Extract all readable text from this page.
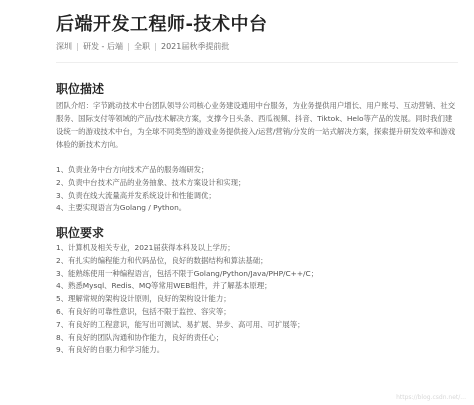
后端开发工程师-技术中台
深圳 研发 - 后端 全职 2021届秋季提前批
职位描述
团队介绍：字节跳动技术中台团队领导公司核心业务建设通用中台服务，为业务提供用户增长、用户账号、互动营销、社交服务、国际支付等领域的产品/技术解决方案，支撑今日头条、西瓜视频、抖音、Tiktok、Helo等产品的发展。同时我们建设统一的游戏技术中台，为全球不同类型的游戏业务提供接入/运营/营销/分发的一站式解决方案，探索提升研发效率和游戏体验的新技术方向。
1、负责业务中台方向技术产品的服务端研发；
2、负责中台技术产品的业务抽象、技术方案设计和实现；
3、负责在线大流量高并发系统设计和性能调优；
4、主要实现语言为Golang / Python。
职位要求
1、计算机及相关专业，2021届获得本科及以上学历；
2、有扎实的编程能力和代码品位，良好的数据结构和算法基础；
3、能熟练使用一种编程语言，包括不限于Golang/Python/Java/PHP/C++/C；
4、熟悉Mysql、Redis、MQ等常用WEB组件，并了解基本原理；
5、理解常规的架构设计原则，良好的架构设计能力；
6、有良好的可靠性意识，包括不限于监控、容灾等；
7、有良好的工程意识，能写出可测试、易扩展、异步、高可用、可扩展等；
8、有良好的团队沟通和协作能力，良好的责任心；
9、有良好的自驱力和学习能力。
https://blog.csdn.net/...
